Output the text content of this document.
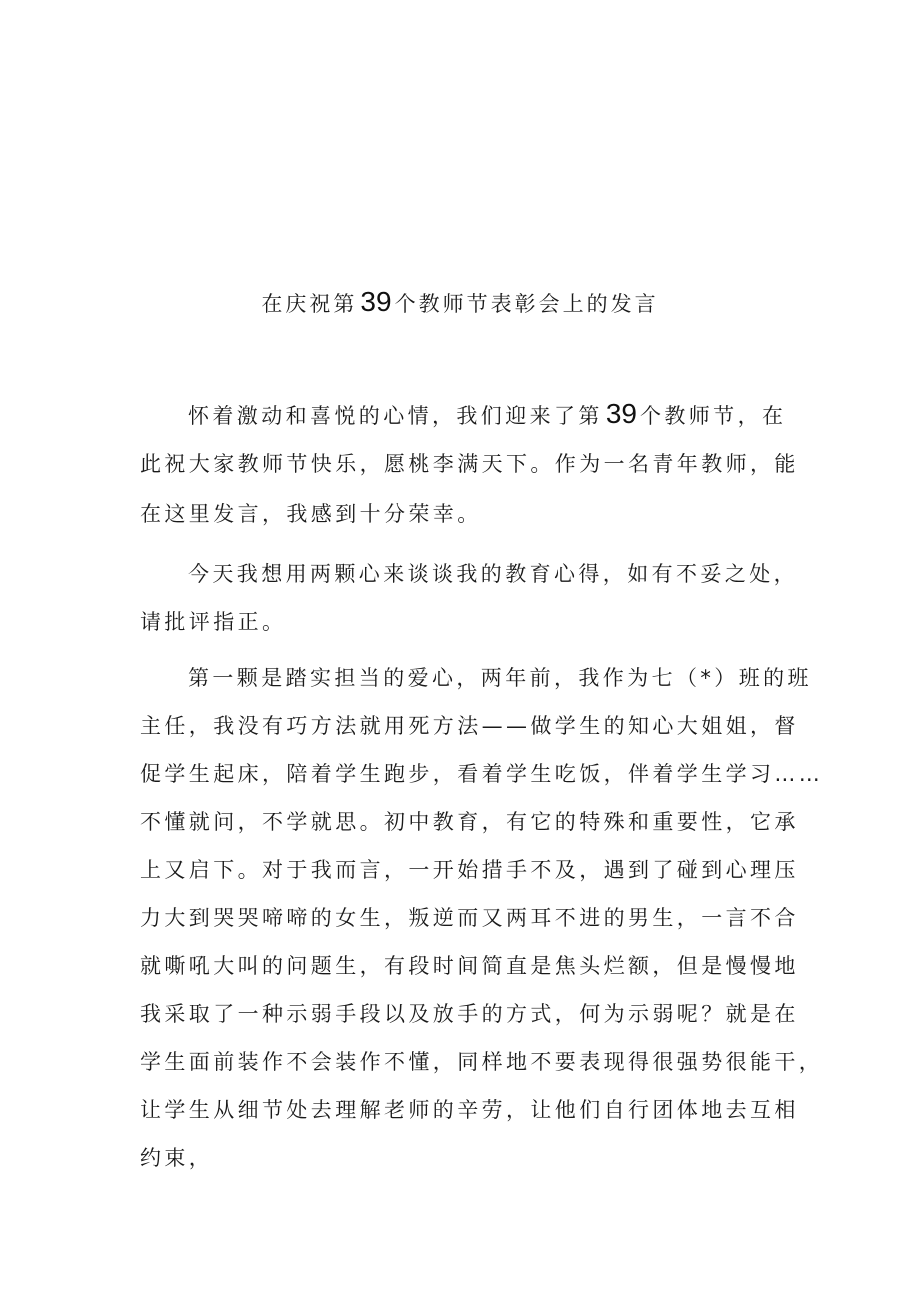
在庆祝第 39 个教师节表彰会上的发言
怀着激动和喜悦的心情，我们迎来了第 39 个教师节，在
此祝大家教师节快乐，愿桃李满天下。作为一名青年教师，能
在这里发言，我感到十分荣幸。
今天我想用两颗心来谈谈我的教育心得，如有不妥之处，
请批评指正。
第一颗是踏实担当的爱心，两年前，我作为七（*）班的班
主任，我没有巧方法就用死方法——做学生的知心大姐姐，督
促学生起床，陪着学生跑步，看着学生吃饭，伴着学生学习……
不懂就问，不学就思。初中教育，有它的特殊和重要性，它承
上又启下。对于我而言，一开始措手不及，遇到了碰到心理压
力大到哭哭啼啼的女生，叛逆而又两耳不进的男生，一言不合
就嘶吼大叫的问题生，有段时间简直是焦头烂额，但是慢慢地
我采取了一种示弱手段以及放手的方式，何为示弱呢？就是在
学生面前装作不会装作不懂，同样地不要表现得很强势很能干，
让学生从细节处去理解老师的辛劳，让他们自行团体地去互相
约束，
